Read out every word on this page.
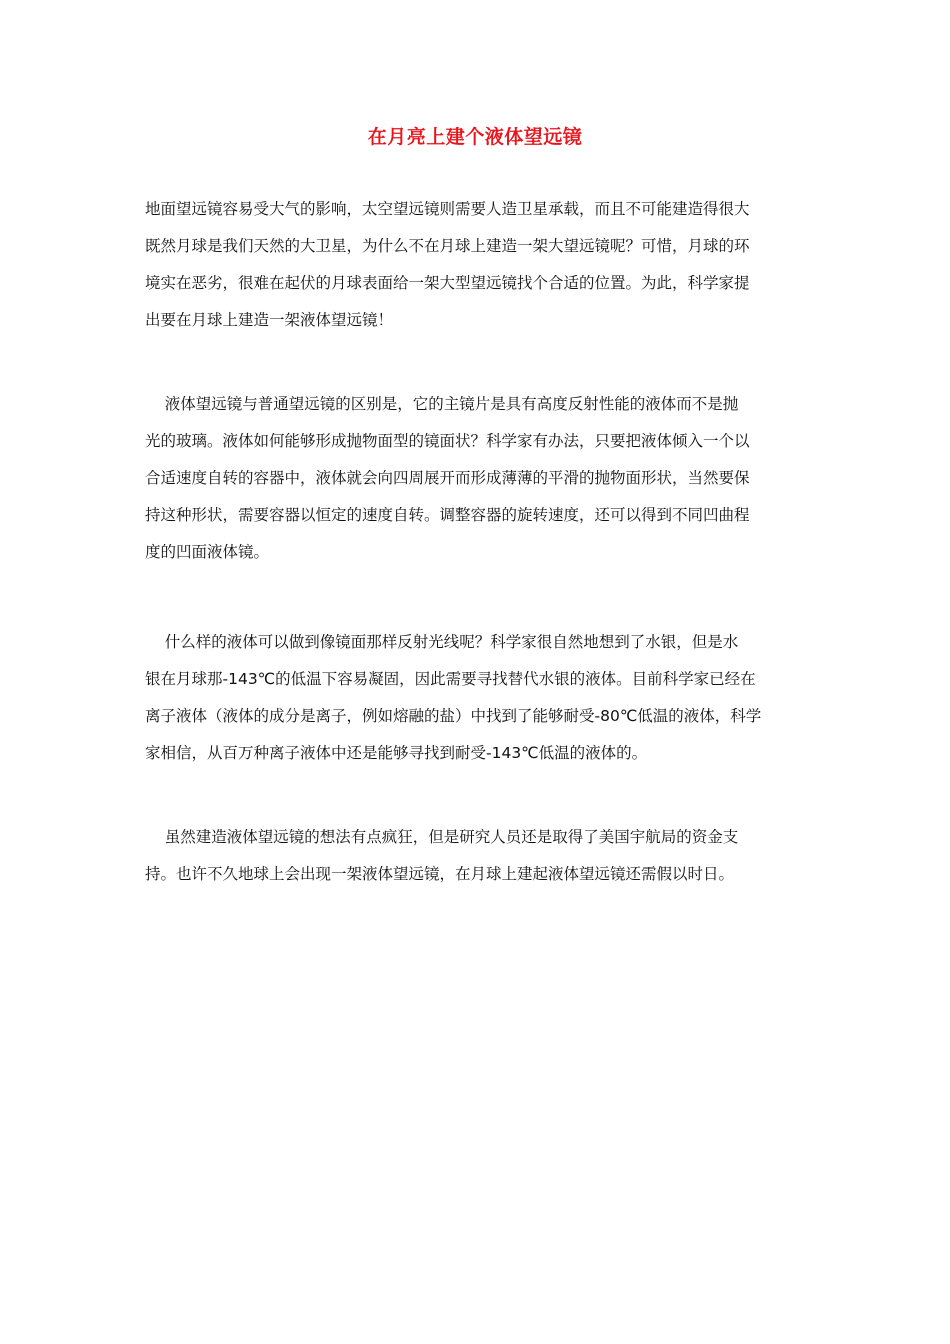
在月亮上建个液体望远镜
地面望远镜容易受大气的影响，太空望远镜则需要人造卫星承载，而且不可能建造得很大
既然月球是我们天然的大卫星，为什么不在月球上建造一架大望远镜呢？可惜，月球的环
境实在恶劣，很难在起伏的月球表面给一架大型望远镜找个合适的位置。为此，科学家提
出要在月球上建造一架液体望远镜！
液体望远镜与普通望远镜的区别是，它的主镜片是具有高度反射性能的液体而不是抛
光的玻璃。液体如何能够形成抛物面型的镜面状？科学家有办法，只要把液体倾入一个以
合适速度自转的容器中，液体就会向四周展开而形成薄薄的平滑的抛物面形状，当然要保
持这种形状，需要容器以恒定的速度自转。调整容器的旋转速度，还可以得到不同凹曲程
度的凹面液体镜。
什么样的液体可以做到像镜面那样反射光线呢？科学家很自然地想到了水银，但是水
银在月球那-143℃的低温下容易凝固，因此需要寻找替代水银的液体。目前科学家已经在
离子液体（液体的成分是离子，例如熔融的盐）中找到了能够耐受-80℃低温的液体，科学
家相信，从百万种离子液体中还是能够寻找到耐受-143℃低温的液体的。
虽然建造液体望远镜的想法有点疯狂，但是研究人员还是取得了美国宇航局的资金支
持。也许不久地球上会出现一架液体望远镜，在月球上建起液体望远镜还需假以时日。
